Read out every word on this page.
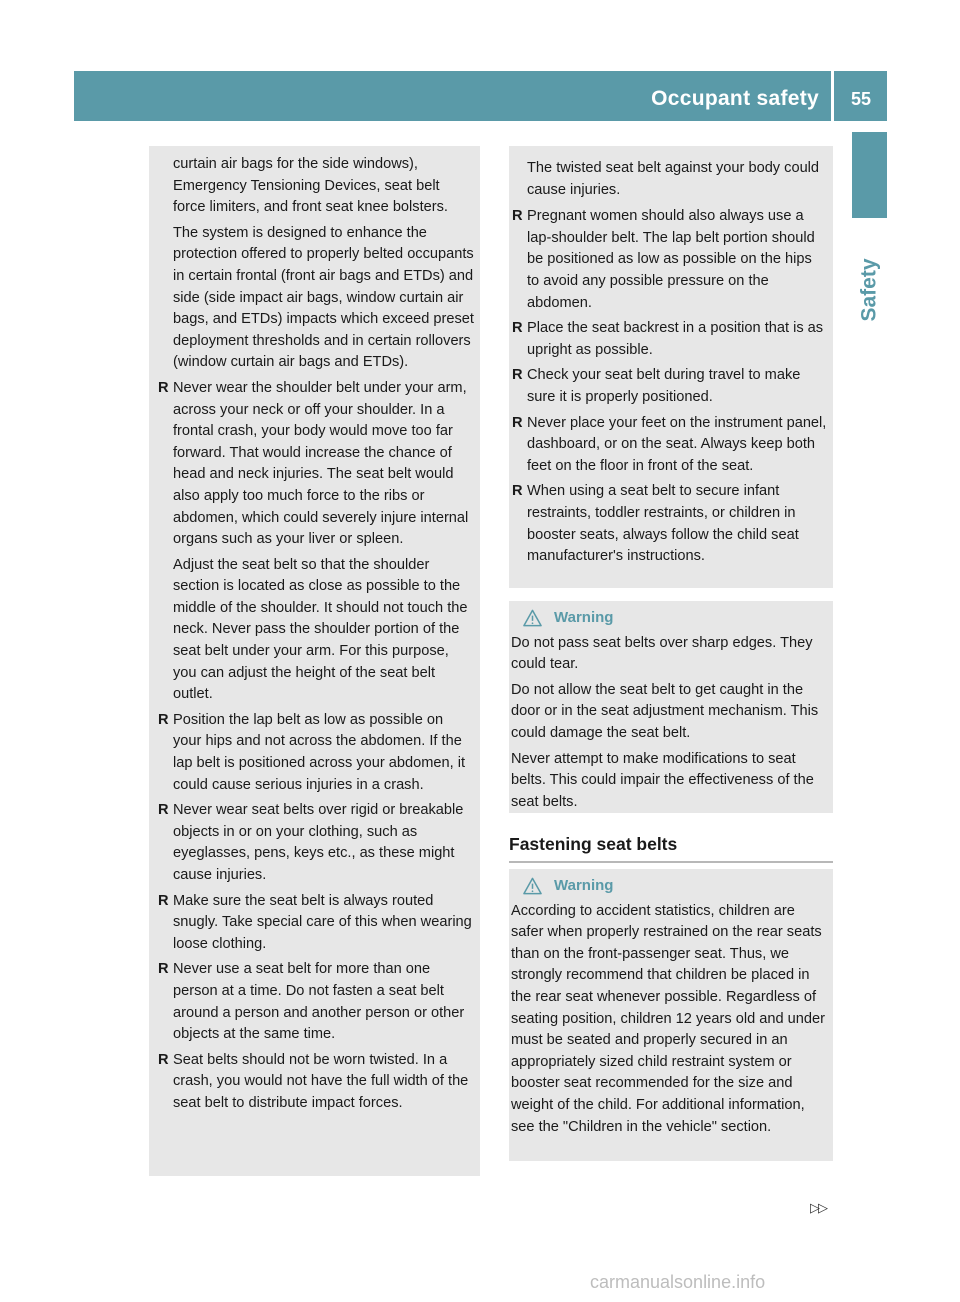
Occupant safety 55
Safety

curtain air bags for the side windows), Emergency Tensioning Devices, seat belt force limiters, and front seat knee bolsters.

The system is designed to enhance the protection offered to properly belted occupants in certain frontal (front air bags and ETDs) and side (side impact air bags, window curtain air bags, and ETDs) impacts which exceed preset deployment thresholds and in certain rollovers (window curtain air bags and ETDs).

R Never wear the shoulder belt under your arm, across your neck or off your shoulder. In a frontal crash, your body would move too far forward. That would increase the chance of head and neck injuries. The seat belt would also apply too much force to the ribs or abdomen, which could severely injure internal organs such as your liver or spleen.

Adjust the seat belt so that the shoulder section is located as close as possible to the middle of the shoulder. It should not touch the neck. Never pass the shoulder portion of the seat belt under your arm. For this purpose, you can adjust the height of the seat belt outlet.

R Position the lap belt as low as possible on your hips and not across the abdomen. If the lap belt is positioned across your abdomen, it could cause serious injuries in a crash.
R Never wear seat belts over rigid or breakable objects in or on your clothing, such as eyeglasses, pens, keys etc., as these might cause injuries.
R Make sure the seat belt is always routed snugly. Take special care of this when wearing loose clothing.
R Never use a seat belt for more than one person at a time. Do not fasten a seat belt around a person and another person or other objects at the same time.
R Seat belts should not be worn twisted. In a crash, you would not have the full width of the seat belt to distribute impact forces.

The twisted seat belt against your body could cause injuries.

R Pregnant women should also always use a lap-shoulder belt. The lap belt portion should be positioned as low as possible on the hips to avoid any possible pressure on the abdomen.
R Place the seat backrest in a position that is as upright as possible.
R Check your seat belt during travel to make sure it is properly positioned.
R Never place your feet on the instrument panel, dashboard, or on the seat. Always keep both feet on the floor in front of the seat.
R When using a seat belt to secure infant restraints, toddler restraints, or children in booster seats, always follow the child seat manufacturer's instructions.
Warning

Do not pass seat belts over sharp edges. They could tear.

Do not allow the seat belt to get caught in the door or in the seat adjustment mechanism. This could damage the seat belt.

Never attempt to make modifications to seat belts. This could impair the effectiveness of the seat belts.

Fastening seat belts
Warning

According to accident statistics, children are safer when properly restrained on the rear seats than on the front-passenger seat. Thus, we strongly recommend that children be placed in the rear seat whenever possible. Regardless of seating position, children 12 years old and under must be seated and properly secured in an appropriately sized child restraint system or booster seat recommended for the size and weight of the child. For additional information, see the "Children in the vehicle" section.

▷▷
carmanualsonline.info
